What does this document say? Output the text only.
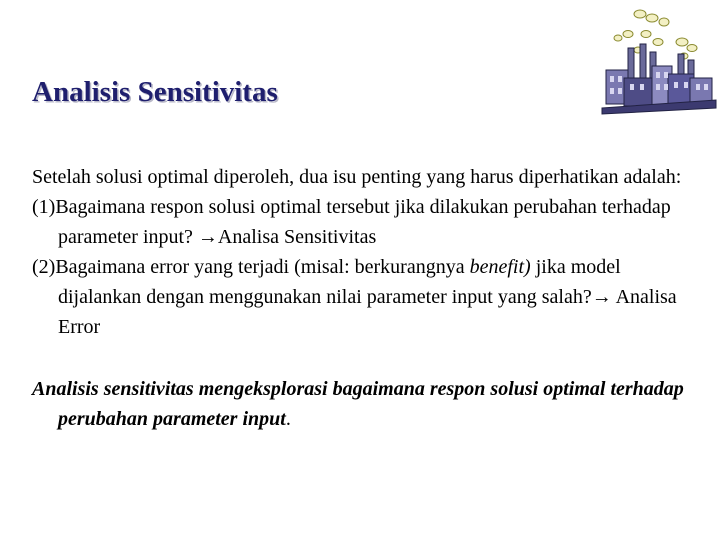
Analisis Sensitivitas

Setelah solusi optimal diperoleh, dua isu penting yang harus diperhatikan adalah:

(1)Bagaimana respon solusi optimal tersebut jika dilakukan perubahan terhadap parameter input? →Analisa Sensitivitas

(2)Bagaimana error yang terjadi (misal: berkurangnya benefit) jika model dijalankan dengan menggunakan nilai parameter input yang salah?→ Analisa Error

Analisis sensitivitas mengeksplorasi bagaimana respon solusi optimal terhadap perubahan parameter input.
